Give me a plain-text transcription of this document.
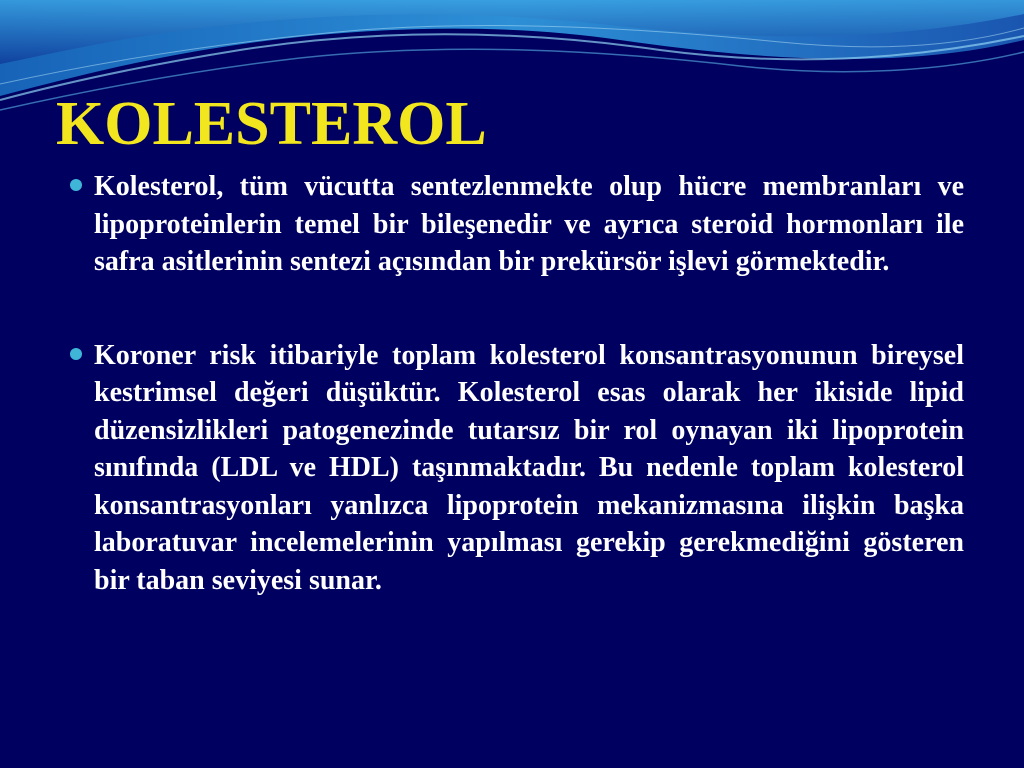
KOLESTEROL

Kolesterol, tüm vücutta sentezlenmekte olup hücre membranları ve lipoproteinlerin temel bir bileşenedir ve ayrıca steroid hormonları ile safra asitlerinin sentezi açısından bir prekürsör işlevi görmektedir.

Koroner risk itibariyle toplam kolesterol konsantrasyonunun bireysel kestrimsel değeri düşüktür. Kolesterol esas olarak her ikiside lipid düzensizlikleri patogenezinde tutarsız bir rol oynayan iki lipoprotein sınıfında (LDL ve HDL) taşınmaktadır. Bu nedenle toplam kolesterol konsantrasyonları yanlızca lipoprotein mekanizmasına ilişkin başka laboratuvar incelemelerinin yapılması gerekip gerekmediğini gösteren bir taban seviyesi sunar.
